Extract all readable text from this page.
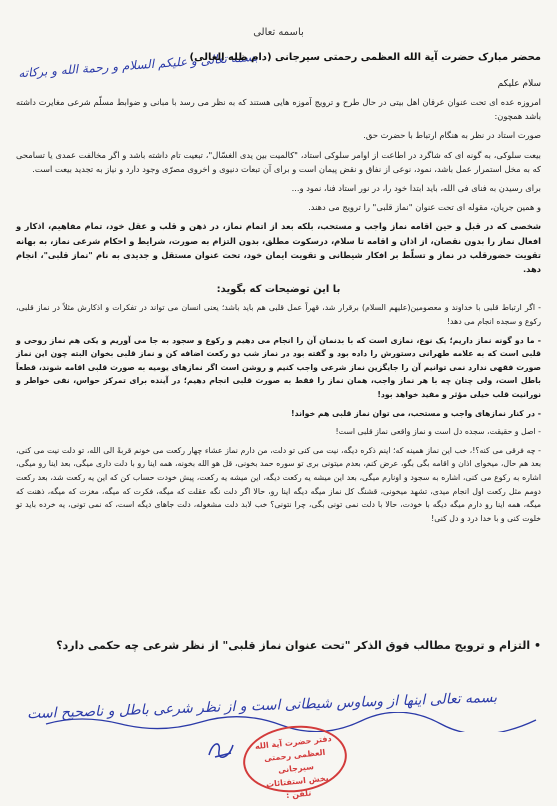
باسمه تعالی
بسمه تعالی و علیکم السلام و رحمة الله و برکاته
محضر مبارک حضرت آیة الله العظمی رحمتی سیرجانی (دام ظله العالی)
سلام علیکم

امروزه عده ای تحت عنوان عرفان اهل بیتی در حال طرح و ترویج آموزه هایی هستند که به نظر می رسد با مبانی و ضوابط مسلّم شرعی مغایرت داشته باشد همچون:

صورت استاد در نظر به هنگام ارتباط با حضرت حق.

بیعت سلوکی، به گونه ای که شاگرد در اطاعت از اوامر سلوکی استاد، "کالمیت بین یدی الغسّال"، تبعیت تام داشته باشد و اگر مخالفت عمدی یا تسامحی که به مخل استمرار عمل باشد، نمود، نوعی از نفاق و نقض پیمان است و برای آن تبعات دنیوی و اخروی مصرّی وجود دارد و نیاز به تجدید بیعت است.

برای رسیدن به فنای فی الله، باید ابتدا خود را، در نور استاد فنا، نمود و...

و همین جریان، مقوله ای تحت عنوان "نماز قلبی" را ترویج می دهند.

شخصی که در قبل و حین اقامه نماز واجب و مستحب، بلکه بعد از اتمام نماز، در ذهن و قلب و عقل خود، تمام مفاهیم، اذکار و افعال نماز را بدون نقصان، از اذان و اقامه تا سلام، درسکوت مطلق، بدون التزام به صورت، شرایط و احکام شرعی نماز، به بهانه تقویت حضورقلب در نماز و تسلّط بر افکار شیطانی و تقویت ایمان خود، تحت عنوان مستقل و جدیدی به نام "نماز قلبی"، انجام دهد.

با این توضیحات که بگوید:

- اگر ارتباط قلبی با خداوند و معصومین(علیهم السلام) برقرار شد، قهراً عمل قلبی هم باید باشد؛ یعنی انسان می تواند در تفکرات و اذکارش مثلاً در نماز قلبی، رکوع و سجده انجام می دهد!

- ما دو گونه نماز داریم؛ یک نوع، نمازی است که با بدنمان آن را انجام می دهیم و رکوع و سجود به جا می آوریم و یکی هم نماز روحی و قلبی است که به علامه طهرانی دستورش را داده بود و گفته بود در نماز شب دو رکعت اضافه کن و نماز قلبی بخوان البته چون این نماز صورت فقهی ندارد نمی توانیم آن را جایگزین نماز شرعی واجب کنیم و روشن است اگر نمازهای یومیه به صورت قلبی اقامه شوند، قطعاً باطل است، ولی چنان چه با هر نماز واجب، همان نماز را فقط به صورت قلبی انجام دهیم؛ در آینده برای تمرکز حواس، نفی خواطر و نورانیت قلب خیلی مؤثر و مفید خواهد بود!

- در کنار نمازهای واجب و مستحب، می توان نماز قلبی هم خواند!

- اصل و حقیقت، سجده دل است و نماز واقعی نماز قلبی است!

- چه فرقی می کنه؟!، خب این نماز همینه که؛ اینم ذکره دیگه، نیت می کنی تو دلت، من دارم نماز عشاء چهار رکعت می خونم قربةً الی الله، تو دلت نیت می کنی، بعد هم حال، میخوای اذان و اقامه بگی بگو، عرض کنم، بعدم میتونی بری تو سوره حمد بخونی، قل هو الله بخونه، همه اینا رو با دلت داری میگی، بعد اینا رو میگی، اشاره به رکوع می کنی، اشاره به سجود و اونارم میگی، بعد این میشه یه رکعت دیگه، این میشه یه رکعت، پیش خودت حساب کن که این یه رکعت شد، بعد رکعت دومم مثل رکعت اول انجام میدی، تشهد میخونی، قشنگ کل نماز میگه دیگه اینا رو، حالا اگر دلت نگه عقلت که میگه، فکرت که میگه، مغزت که میگه، ذهنت که میگه، همه اینا رو دارم میگه دیگه با خودت، حالا با دلت نمی تونی بگی، چرا نتونی؟ خب لابد دلت مشغوله، دلت جاهای دیگه است، که نمی تونی، یه خرده باید تو خلوت کنی و با خدا درد و دل کنی!

• التزام و ترویج مطالب فوق الذکر "تحت عنوان نماز قلبی" از نظر شرعی چه حکمی دارد؟
بسمه تعالی اینها از وساوس شیطانی است و از نظر شرعی باطل و ناصحیح است
دفتر حضرت آیة الله العظمی رحمتی سیرجانی
بخش استفتائات
تلفن :
